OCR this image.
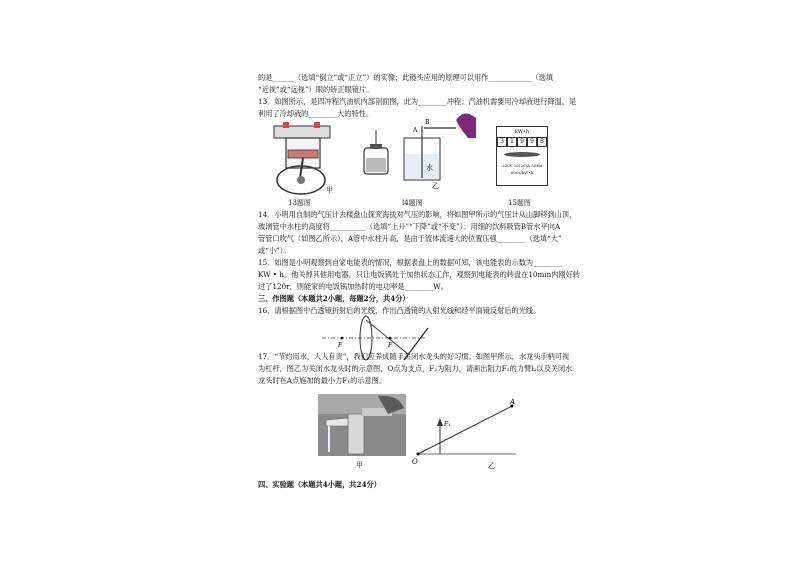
的是______（选填“倒立”或“正立”）的实像；此镜头应用的原理可以用作____________（选填
“近视”或“远视”）眼的矫正眼镜片。
13．如图所示，是四冲程汽油机内部剖面图，此为________冲程；汽油机需要用冷却液进行降温，是
利用了冷却液的________大的特性。
甲
A
B
水
乙
kW•h
3	1	9	9	8
220V 10(20)A 50Hz
600r/kW•h
13题图	l4题图	15题图
14．小明用自制的气压计去楼盘山探究海拔对气压的影响，将如图甲所示的气压计从山脚移到山顶，
玻璃管中水柱的高度将__________（选填“上升”“下降”或“不变”）；用细的饮料吸管B管水平向A
管管口吹气（如图乙所示），A管中水柱升高，是由于流体流速大的位置压强________（选填“大”
或“小”）。
15．如图是小明观察到自家电能表的情况，根据表盘上的数据可知，该电能表的示数为________
KW • h。他关掉其他用电器，只让电饭锅处于加热状态工作，观察到电能表的转盘在10min内刚好转
过了120r，则能家的电饭锅加热时的电功率是________W。
三、作图题（本题共2小题，每题2分，共4分）
16．请根据图中凸透镜折射后的光线，作出凸透镜的入射光线和经平面镜反射后的光线。
F	F
17．“节约用水，人人有责”，我们应养成随手关闭水龙头的好习惯。如图甲所示，水龙头手柄可视
为杠杆，图乙为关闭水龙头时的示意图，O点为支点，F₂为阻力，请画出阻力F₂的力臂l₂以及关闭水
龙头时在A点施加的最小力F₁的示意图。
甲
F₁
A
O	乙
四、实验题（本题共4小题，共24分）
